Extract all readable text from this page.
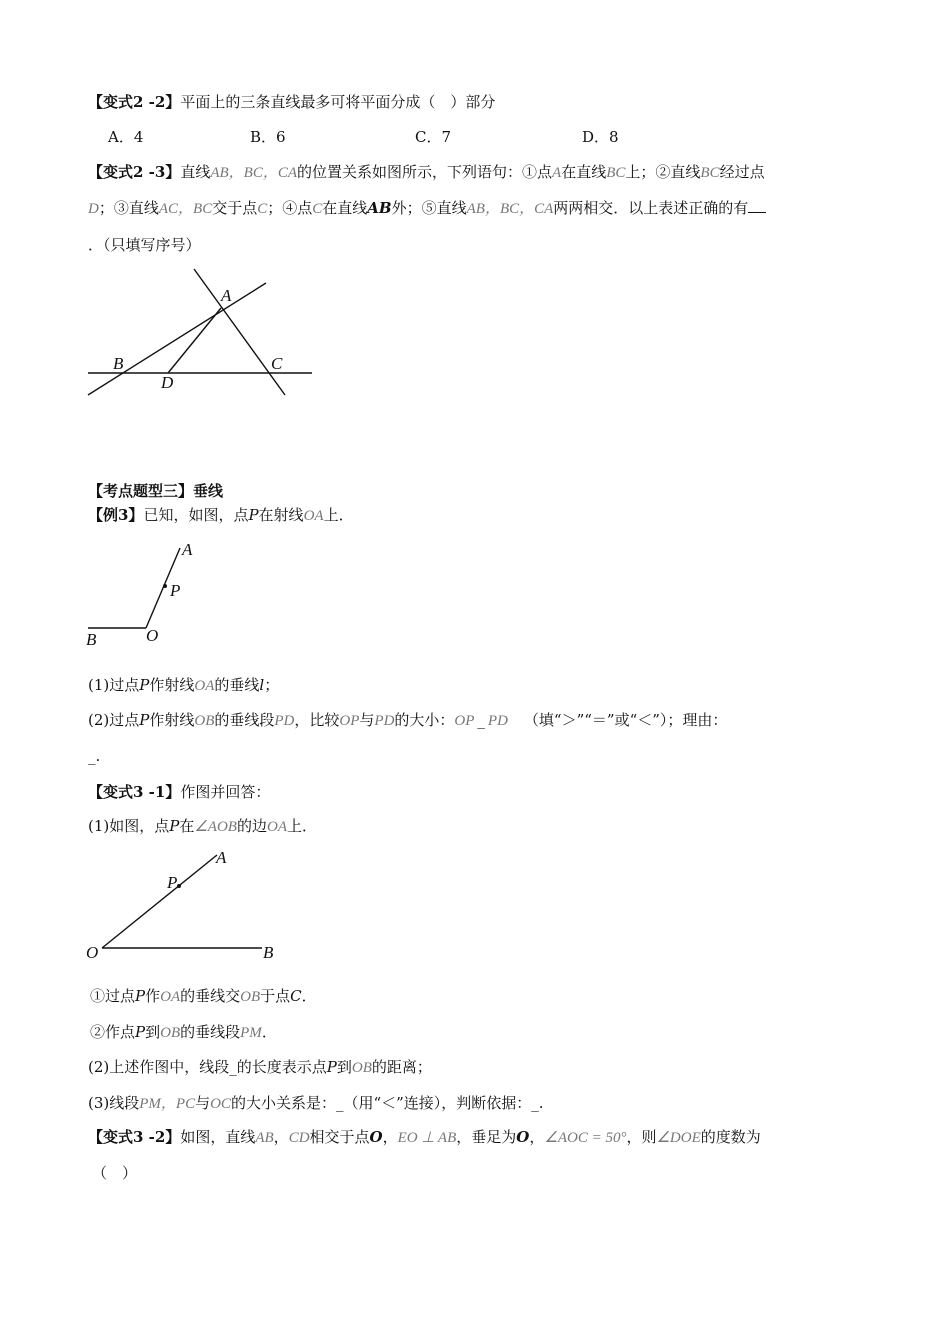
【变式2 -2】平面上的三条直线最多可将平面分成（　）部分
A．4	B．6	C．7	D．8
【变式2 -3】直线AB，BC，CA的位置关系如图所示，下列语句：①点A在直线BC上；②直线BC经过点
D；③直线AC，BC交于点C；④点C在直线AB外；⑤直线AB，BC，CA两两相交．以上表述正确的有
．（只填写序号）
A
B	C
D
【考点题型三】垂线
【例3】已知，如图，点P在射线OA上．
A
P
B	O
(1)过点P作射线OA的垂线l；
(2)过点P作射线OB的垂线段PD，比较OP与PD的大小：OP _ PD （填“＞”“＝”或“＜”）；理由：
_.
【变式3 -1】作图并回答：
(1)如图，点P在∠AOB的边OA上．
A
P
O	B
①过点P作OA的垂线交OB于点C．
②作点P到OB的垂线段PM．
(2)上述作图中，线段_的长度表示点P到OB的距离；
(3)线段PM，PC与OC的大小关系是：_（用“＜”连接），判断依据：_.
【变式3 -2】如图，直线AB，CD相交于点O，EO ⊥ AB，垂足为O，∠AOC = 50°，则∠DOE的度数为
（　）
